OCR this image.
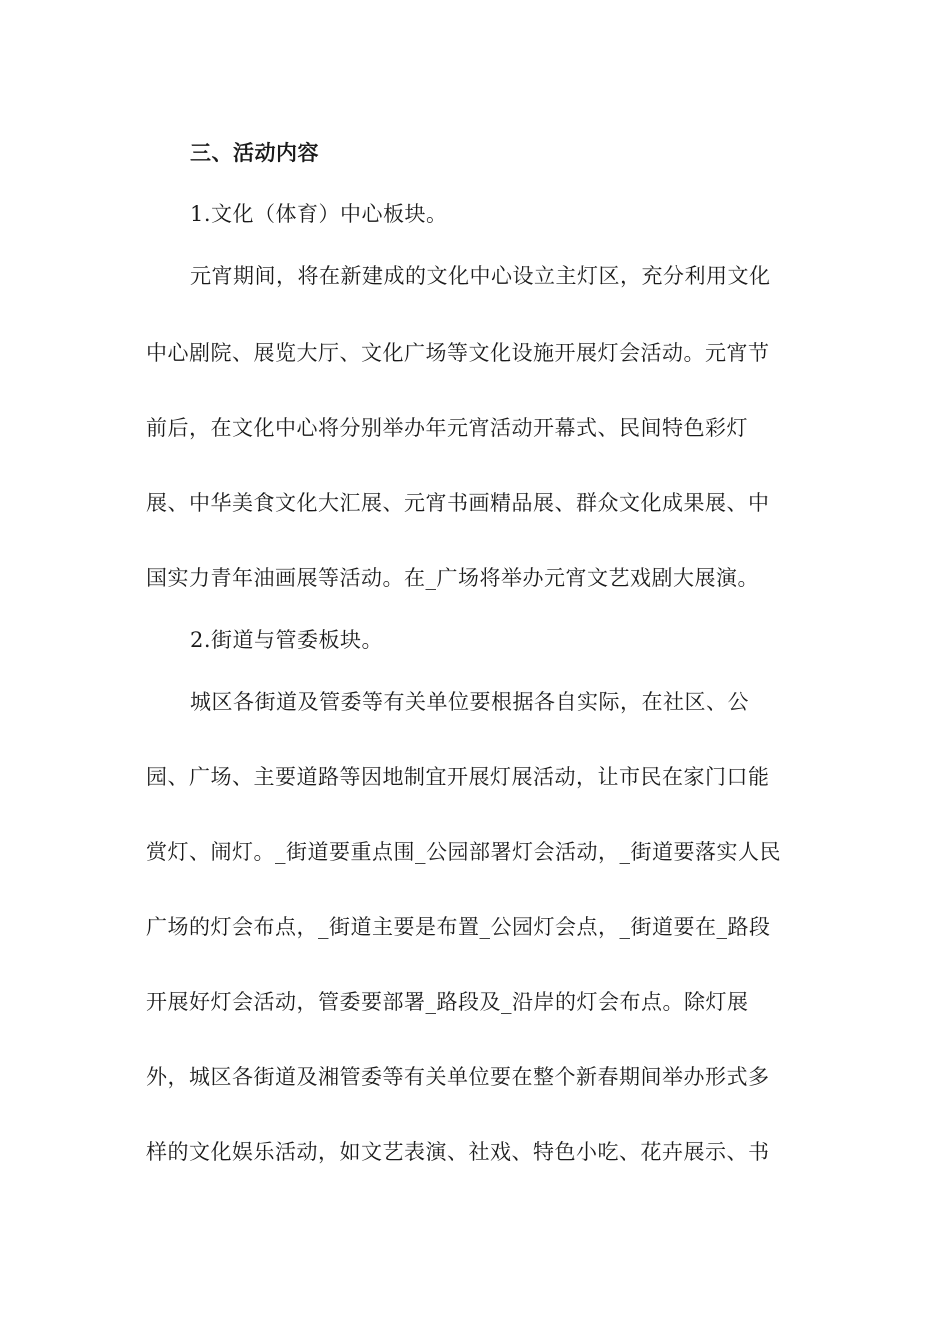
三、活动内容
1.文化（体育）中心板块。
元宵期间，将在新建成的文化中心设立主灯区，充分利用文化
中心剧院、展览大厅、文化广场等文化设施开展灯会活动。元宵节
前后，在文化中心将分别举办年元宵活动开幕式、民间特色彩灯
展、中华美食文化大汇展、元宵书画精品展、群众文化成果展、中
国实力青年油画展等活动。在_广场将举办元宵文艺戏剧大展演。
2.街道与管委板块。
城区各街道及管委等有关单位要根据各自实际，在社区、公
园、广场、主要道路等因地制宜开展灯展活动，让市民在家门口能
赏灯、闹灯。_街道要重点围_公园部署灯会活动，_街道要落实人民
广场的灯会布点，_街道主要是布置_公园灯会点，_街道要在_路段
开展好灯会活动，管委要部署_路段及_沿岸的灯会布点。除灯展
外，城区各街道及湘管委等有关单位要在整个新春期间举办形式多
样的文化娱乐活动，如文艺表演、社戏、特色小吃、花卉展示、书
